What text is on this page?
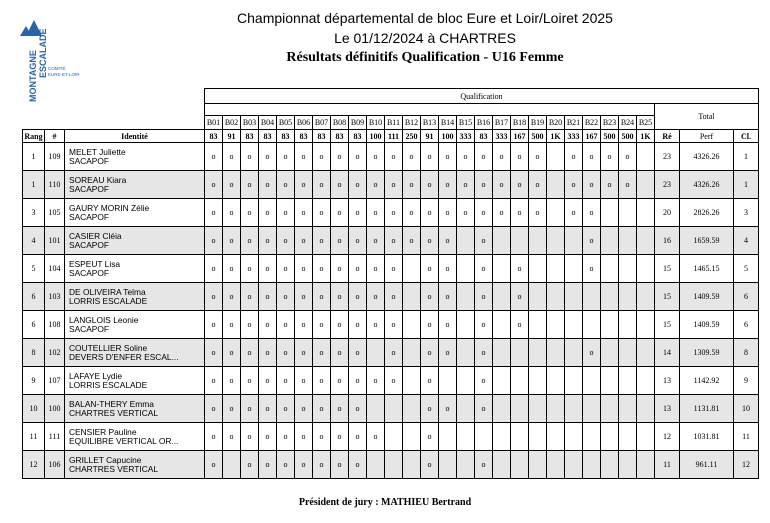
MONTAGNE ESCALADE COMITÉ
EURE-ET-LOIR
Championnat départemental de bloc Eure et Loir/Loiret 2025
Le 01/12/2024 à CHARTRES
Résultats définitifs Qualification - U16 Femme
			Qualification																											
																												Total		
			B01	B02	B03	B04	B05	B06	B07	B08	B09	B10	B11	B12	B13	B14	B15	B16	B17	B18	B19	B20	B21	B22	B23	B24	B25			
Rang	#	Identité	83	91	83	83	83	83	83	83	83	100	111	250	91	100	333	83	333	167	500	1K	333	167	500	500	1K	Ré	Perf	Cl.
1	109	MELET Juliette
SACAPOF	o	o	o	o	o	o	o	o	o	o	o	o	o	o	o	o	o	o	o		o	o	o	o		23	4326.26	1
1	110	SOREAU Kiara
SACAPOF	o	o	o	o	o	o	o	o	o	o	o	o	o	o	o	o	o	o	o		o	o	o	o		23	4326.26	1
3	105	GAURY MORIN Zélie
SACAPOF	o	o	o	o	o	o	o	o	o	o	o	o	o	o	o	o	o	o	o		o	o				20	2826.26	3
4	101	CASIER Cléia
SACAPOF	o	o	o	o	o	o	o	o	o	o	o	o	o	o		o						o				16	1659.59	4
5	104	ESPEUT Lisa
SACAPOF	o	o	o	o	o	o	o	o	o	o	o		o	o		o		o				o				15	1465.15	5
6	103	DE OLIVEIRA Telma
LORRIS ESCALADE	o	o	o	o	o	o	o	o	o	o	o		o	o		o		o								15	1409.59	6
6	108	LANGLOIS Leonie
SACAPOF	o	o	o	o	o	o	o	o	o	o	o		o	o		o		o								15	1409.59	6
8	102	COUTELLIER Soline
DEVERS D'ENFER ESCAL...	o	o	o	o	o	o	o	o	o		o		o	o		o						o				14	1309.59	8
9	107	LAFAYE Lydie
LORRIS ESCALADE	o	o	o	o	o	o	o	o	o	o	o		o			o										13	1142.92	9
10	100	BALAN-THERY Emma
CHARTRES VERTICAL	o	o	o	o	o	o	o	o	o				o	o		o										13	1131.81	10
11	111	CENSIER Pauline
EQUILIBRE VERTICAL OR...	o	o	o	o	o	o	o	o	o	o			o													12	1031.81	11
12	106	GRILLET Capucine
CHARTRES VERTICAL	o		o	o	o	o	o	o	o				o			o										11	961.11	12
Président de jury : MATHIEU Bertrand
